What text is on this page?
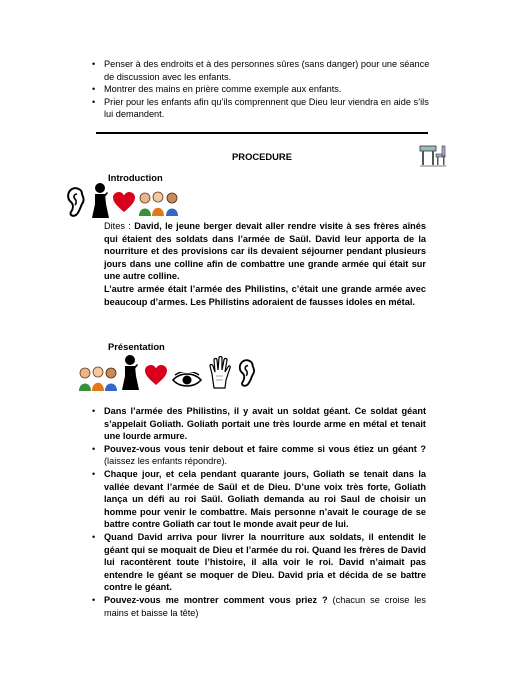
• Penser à des endroits et à des personnes sûres (sans danger) pour une séance de discussion avec les enfants.
• Montrer des mains en prière comme exemple aux enfants.
• Prier pour les enfants afin qu’ils comprennent que Dieu leur viendra en aide s’ils lui demandent.
PROCEDURE
Introduction
Dites : David, le jeune berger devait aller rendre visite à ses frères aînés qui étaient des soldats dans l’armée de Saül. David leur apporta de la nourriture et des provisions car ils devaient séjourner pendant plusieurs jours dans une colline afin de combattre une grande armée qui était sur une autre colline.
L’autre armée était l’armée des Philistins, c’était une grande armée avec beaucoup d’armes. Les Philistins adoraient de fausses idoles en métal.
Présentation
• Dans l’armée des Philistins, il y avait un soldat géant. Ce soldat géant s’appelait Goliath. Goliath portait une très lourde arme en métal et tenait une lourde armure.
• Pouvez-vous vous tenir debout et faire comme si vous étiez un géant ? (laissez les enfants répondre).
• Chaque jour, et cela pendant quarante jours, Goliath se tenait dans la vallée devant l’armée de Saül et de Dieu. D’une voix très forte, Goliath lança un défi au roi Saül. Goliath demanda au roi Saul de choisir un homme pour venir le combattre. Mais personne n’avait le courage de se battre contre Goliath car tout le monde avait peur de lui.
• Quand David arriva pour livrer la nourriture aux soldats, il entendit le géant qui se moquait de Dieu et l’armée du roi. Quand les frères de David lui racontèrent toute l’histoire, il alla voir le roi. David n’aimait pas entendre le géant se moquer de Dieu. David pria et décida de se battre contre le géant.
• Pouvez-vous me montrer comment vous priez ? (chacun se croise les mains et baisse la tête)
